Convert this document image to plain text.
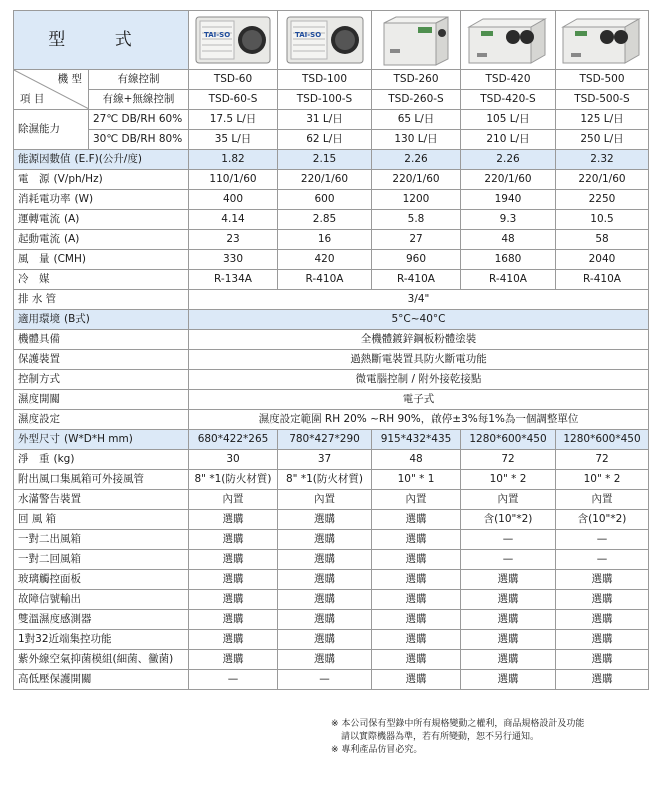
型 式		TAI-SO	TAI-SO

機 型
項 目	有線控制	TSD-60	TSD-100	TSD-260	TSD-420	TSD-500
	有線+無線控制	TSD-60-S	TSD-100-S	TSD-260-S	TSD-420-S	TSD-500-S
除濕能力	27℃ DB/RH 60%	17.5 L/日	31 L/日	65 L/日	105 L/日	125 L/日
	30℃ DB/RH 80%	35 L/日	62 L/日	130 L/日	210 L/日	250 L/日
能源因數值 (E.F)(公升/度)		1.82	2.15	2.26	2.26	2.32
電　源 (V/ph/Hz)		110/1/60	220/1/60	220/1/60	220/1/60	220/1/60
消耗電功率 (W)		400	600	1200	1940	2250
運轉電流 (A)		4.14	2.85	5.8	9.3	10.5
起動電流 (A)		23	16	27	48	58
風　量 (CMH)		330	420	960	1680	2040
冷　媒		R-134A	R-410A	R-410A	R-410A	R-410A
排 水 管		3/4"				
適用環境 (B式)		5°C~40°C				
機體具備		全機體鍍鋅鋼板粉體塗裝				
保護裝置		過熱斷電裝置具防火斷電功能				
控制方式		微電腦控制 / 附外接乾接點				
濕度開關		電子式				
濕度設定		濕度設定範圍 RH 20% ~RH 90%，啟停±3%每1%為一個調整單位				
外型尺寸 (W*D*H mm)		680*422*265	780*427*290	915*432*435	1280*600*450	1280*600*450
淨　重 (kg)		30	37	48	72	72
附出風口集風箱可外接風管		8" *1(防火材質)	8" *1(防火材質)	10" * 1	10" * 2	10" * 2
水滿警告裝置		內置	內置	內置	內置	內置
回 風 箱		選購	選購	選購	含(10"*2)	含(10"*2)
一對二出風箱		選購	選購	選購	—	—
一對二回風箱		選購	選購	選購	—	—
玻璃觸控面板		選購	選購	選購	選購	選購
故障信號輸出		選購	選購	選購	選購	選購
雙溫濕度感測器		選購	選購	選購	選購	選購
1對32近端集控功能		選購	選購	選購	選購	選購
紫外線空氣抑菌模組(細菌、黴菌)		選購	選購	選購	選購	選購
高低壓保護開關		—	—	選購	選購	選購

※ 本公司保有型錄中所有規格變動之權利，商品規格設計及功能

請以實際機器為準，若有所變動，恕不另行通知。

※ 專利產品仿冒必究。
